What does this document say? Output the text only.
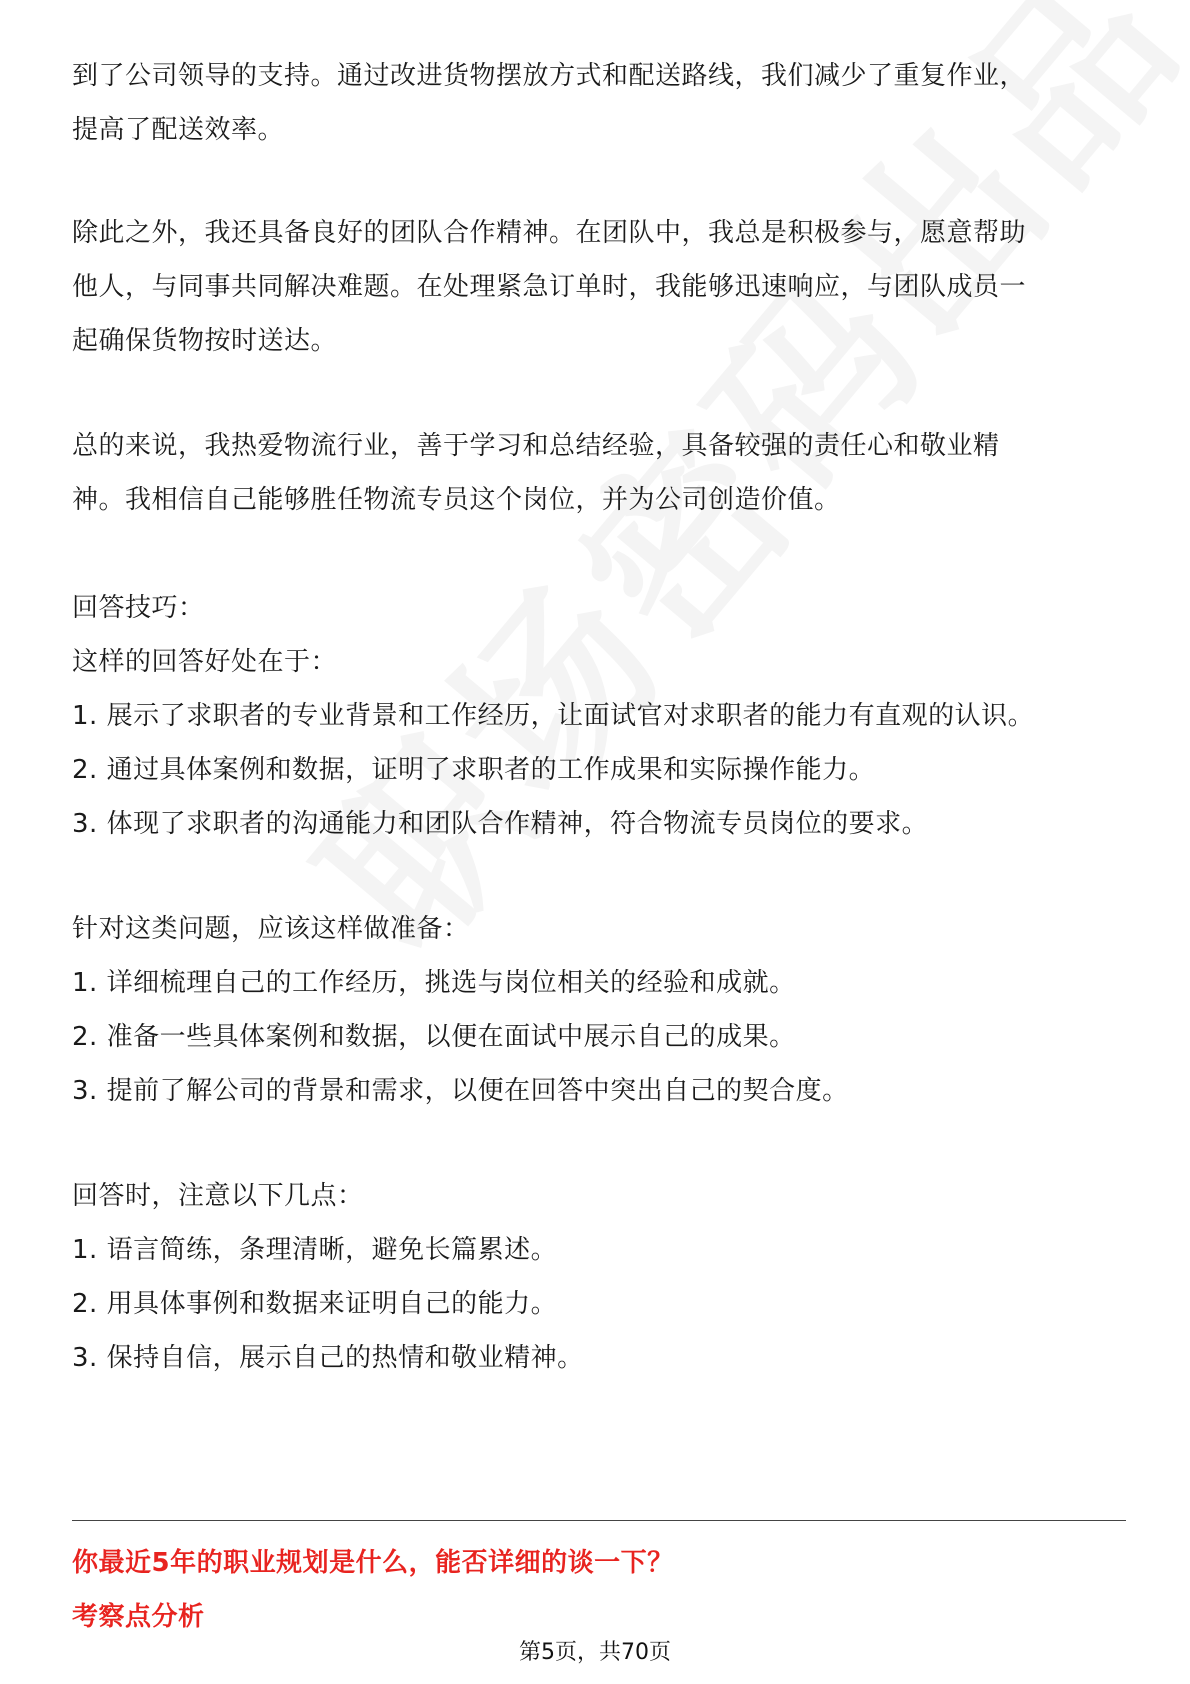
到了公司领导的支持。通过改进货物摆放方式和配送路线，我们减少了重复作业，
提高了配送效率。
除此之外，我还具备良好的团队合作精神。在团队中，我总是积极参与，愿意帮助
他人，与同事共同解决难题。在处理紧急订单时，我能够迅速响应，与团队成员一
起确保货物按时送达。
总的来说，我热爱物流行业，善于学习和总结经验，具备较强的责任心和敬业精
神。我相信自己能够胜任物流专员这个岗位，并为公司创造价值。
回答技巧：
这样的回答好处在于：
1. 展示了求职者的专业背景和工作经历，让面试官对求职者的能力有直观的认识。
2. 通过具体案例和数据，证明了求职者的工作成果和实际操作能力。
3. 体现了求职者的沟通能力和团队合作精神，符合物流专员岗位的要求。
针对这类问题，应该这样做准备：
1. 详细梳理自己的工作经历，挑选与岗位相关的经验和成就。
2. 准备一些具体案例和数据，以便在面试中展示自己的成果。
3. 提前了解公司的背景和需求，以便在回答中突出自己的契合度。
回答时，注意以下几点：
1. 语言简练，条理清晰，避免长篇累述。
2. 用具体事例和数据来证明自己的能力。
3. 保持自信，展示自己的热情和敬业精神。
你最近5年的职业规划是什么，能否详细的谈一下？
考察点分析
第5页，共70页
